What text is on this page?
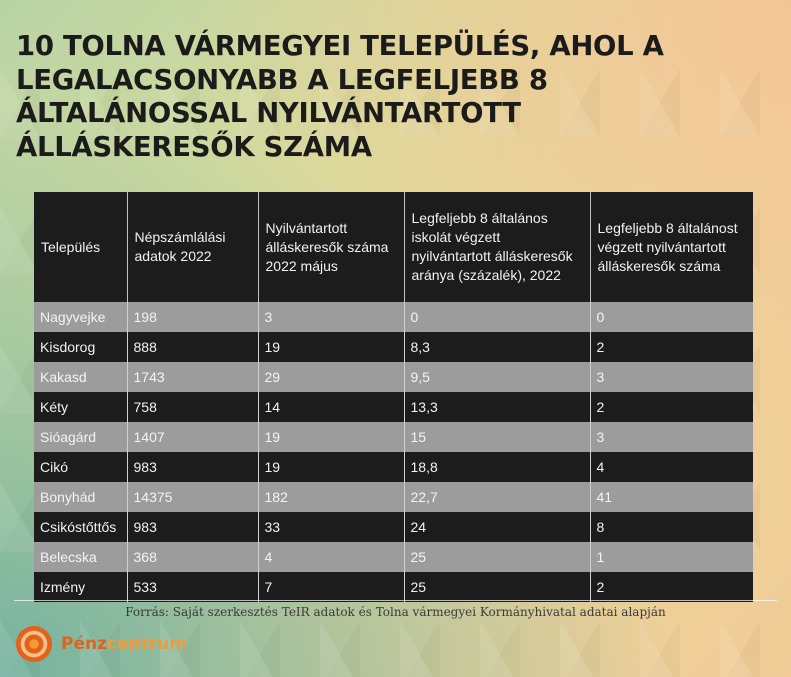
10 TOLNA VÁRMEGYEI TELEPÜLÉS, AHOL A LEGALACSONYABB A LEGFELJEBB 8 ÁLTALÁNOSSAL NYILVÁNTARTOTT ÁLLÁSKERESŐK SZÁMA
Település	Népszámlálási adatok 2022	Nyilvántartott álláskeresők száma 2022 május	Legfeljebb 8 általános iskolát végzett nyilvántartott álláskeresők aránya (százalék), 2022	Legfeljebb 8 általánost végzett nyilvántartott álláskeresők száma
Nagyvejke	198	3	0	0
Kisdorog	888	19	8,3	2
Kakasd	1743	29	9,5	3
Kéty	758	14	13,3	2
Sióagárd	1407	19	15	3
Cikó	983	19	18,8	4
Bonyhád	14375	182	22,7	41
Csikóstőttős	983	33	24	8
Belecska	368	4	25	1
Izmény	533	7	25	2
Forrás: Saját szerkesztés TeIR adatok és Tolna vármegyei Kormányhivatal adatai alapján
Pénzcentrum
